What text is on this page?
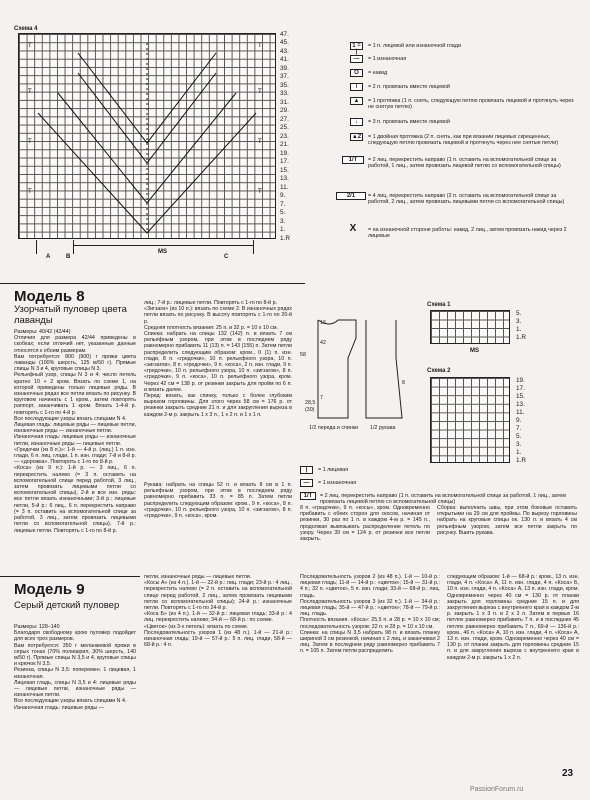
Схема 4
T	T
T	T
T	T
T	T
47.
45.
43.
41.
39.
37.
35.
33.
31.
29.
27.
25.
23.
21.
19.
17.
15.
13.
11.
9.
7.
5.
3.
1.
1.R
A	B
MS
C
1 = |
= 1 п. лицевой или изнаночной глади
—	= 1 изнаночная
O	= накид
\	= 2 п. провязать вместе лицевой
▲	= 1 протяжка (1 п. снять, следующую петлю провязать лицевой и протянуть через не снятую петлю)
↓	= 3 п. провязать вместе лицевой
▲2	= 1 двойная протяжка (2 п. снять, как при вязании лицевых скрещенных, следующую петлю провязать лицевой и протянуть через нее снятые петли)
1/T	= 2 лиц. перекрестить направо (1 п. оставить на вспомогательной спице за работой, 1 лиц., затем провязать лицевой петлю со вспомогательной спицы)
2/1	= 4 лиц. перекрестить направо (2 п. оставить на вспомогательной спице за работой, 2 лиц., затем провязать лицевыми петли со вспомогательной спицы)
X	= на изнаночной стороне работы: накид, 2 лиц., затем провязать накид через 2 лицевые
Модель 8
Узорчатый пуловер цвета лаванды
Размеры: 40/42 (42/44)
Отличия для размера 42/44 приведены в скобках; если отличий нет, указанные данные относятся к обоим размерам.
Вам потребуется: 800 (900) г пряжи цвета лаванды (100% шерсть, 125 м/50 г). Прямые спицы N 3 и 4, круговые спицы N 3.
Рельефный узор, спицы N 3 и 4: число петель кратно 10 + 2 кром. Вязать по схеме 1, на которой приведены только лицевые ряды. В изнаночных рядах все петли вязать по рисунку. В круговом начинать с 1 кром., затем повторять раппорт, заканчивать 1 кром. Вязать 1-4-й р. повторять с 1-го по 4-й р.
Все последующие узоры вязать спицами N 4.
Лицевая гладь: лицевые ряды — лицевые петли, изнаночные ряды — изнаночные петли.
Изнаночная гладь: лицевые ряды — изнаночные петли, изнаночные ряды — лицевые петли.
«Гредочки (из 8 п.)»: 1-й — 4-й р. (лиц.) 1 п. изн. глади, 6 п. лиц. глади, 1 п. изн. глади; 7-й и 8-й р. — «дорожка». Повторять с 1-го по 8-й р.
«Коса» (из 9 п.): 1-й р. — 3 лиц., 6 п. перекрестить налево (= 3 п. оставить на вспомогательной спице перед работой, 3 лиц., затем провязать лицевыми петли со вспомогательной спицы), 2-й и все изн. ряды: все петли вязать изнаночными; 3-й р.: лицевые петли, 5-й р.: 6 лиц., 6 п. перекрестить направо (= 3 п. оставить на вспомогательной спице за работой, 3 лиц., затем провязать лицевыми петли со вспомогательной спицы), 7-й р.: лицевые петли. Повторять с 1-го по 8-й р.
лиц.; 7-й р.: лицевые петли. Повторять с 1-го по 8-й р.
«Зигзаги» (из 10 п.): вязать по схеме 2. В изнаночных рядах петли вязать по рисунку. В высоту повторять с 1-го по 20-й р.
Средняя плотность вязания: 25 п. и 32 р. = 10 х 10 см.
Спинка: набрать на спицы 132 (142) п. и вязать 7 см рельефным узором, при этом в последнем ряду равномерно прибавить 11 (13) п. = 143 (155) п. Затем петли распределить следующим образом: кром., 0 (1) п. изн. глади, 8 п. «гредочки», 10 п. рельефного узора, 10 п. «зигзагов», 8 п. «гредочки», 9 п. «коса», 2 п. изн. глади, 9 п. «гредочки», 10 п. рельефного узора, 10 п. «зигзагов», 8 п. «гредочки», 9 п. «коса», 10 п. рельефного узора, кром. Через 42 см = 138 р. от резинки закрыть для пройм по 6 п. и вязать далее.
Перед: вязать, как спинку, только с более глубоким вырезом горловины. Для этого через 58 см = 176 р. от резинки закрыть средние 21 п. и для закругления выреза в каждом 2-м р. закрыть 1 х 3 п., 1 х 2 п. и 1 х 1 п.
Рукава: набрать на спицы 52 п. и вязать 8 см в 1 п. рельефным узором, при этом в последнем ряду равномерно прибавить 33 п. = 85 п. Затем петли распределить следующим образом: кром., 9 п. «коса», 8 п. «гредочки», 10 п. рельефного узора, 10 п. «зигзагов», 8 п. «гредочки», 9 п. «коса», кром.
28,5
(30)
58
42
16
7
8
1/2 переда и спинки	1/2 рукава
Схема 1
5.
3.
1.
1.R
MS
Схема 2
19.
17.
15.
13.
11.
9.
7.
5.
3.
1.
1.R
|	= 1 лицевая
—	= 1 изнаночная
1/T	= 2 лиц. перекрестить направо (1 п. оставить на вспомогательной спице за работой, 1 лиц., затем провязать лицевой петлю со вспомогательной спицы)
8 п. «гредочки», 9 п. «косы», кром. Одновременно прибавить с обеих сторон для скосов, начиная от резинки, 30 раз по 1 п. в каждом 4-м р. = 145 п., продолжая вывязывать распределение петель по узору. Через 39 см = 124 р. от резинки все петли закрыть.
Сборка: выполнить швы, при этом боковые оставить открытыми на 29 см для проймы. По вырезу горловины набрать на круговые спицы ок. 130 п. и вязать 4 см рельефным узором, затем все петли закрыть по рисунку. Вшить рукава.
Модель 9
Серый детский пуловер
Размеры: 128–140
Благодаря свободному крою пуловер подойдет для всех трех размеров.
Вам потребуется: 350 г меланжевой пряжи в серых тонах (70% полиакрил, 30% шерсть, 140 м/50 г). Прямые спицы N 3,5 и 4, круговые спицы и крючок N 3,5.
Резинка, спицы N 3,5: поперемен. 1 лицевая, 1 изнаночная.
Лицевая гладь, спицы N 3,5 и 4: лицевые ряды — лицевые петли, изнаночные ряды — изнаночные петли.
Все последующие узоры вязать спицами N 4.
Изнаночная гладь: лицевые ряды —
петли, изнаночные ряды — лицевые петли.
«Косы А» (из 4 п.). 1-й — 22-й р.: лиц. глади; 23-й р.: 4 лиц., перекрестить налево (= 2 п. оставить на вспомогательной спице перед работой, 2 лиц., затем провязать лицевыми петли со вспомогательной спицы); 24-й р.: изнаночные петли. Повторять с 1-го по 24-й р.
«Коса Б» (из 4 п.). 1-й — 32-й р.: лицевая гладь; 33-й р.: 4 лиц. перекрестить налево; 34-й — 68-й р.: по схеме.
«Цветок» (из 3-х петель): вязать по схеме.
Последовательность узоров 1 (из 48 п.). 1-й — 21-й р.: изнаночная гладь; 19-й — 57-й р.: 5 п. лиц. глади, 58-й — 68-й р.: 4 п.
Последовательность узоров 2 (из 48 п.). 1-й — 10-й р.: лицевая гладь; 11-й — 14-й р.: «цветок»; 15-й — 31-й р.: 4 п.; 32 п. «цветок», 5 п. изн. глади; 33-й — 68-й р.: лиц. гладь.
Последовательность узоров 3 (из 32 п.). 1-й — 34-й р.: лицевая гладь; 35-й — 47-й р.: «цветок»; 78-й — 79-й р.: лиц. гладь.
Плотность вязания. «Коса»: 25,5 п. и 28 р. = 10 х 10 см; последовательность узоров: 22 п. и 28 р. = 10 х 10 см.
Спинка: на спицы N 3,5 набрать 98 п. и вязать планку шириной 3 см резинкой, начиная с 2 лиц. и заканчивая 2 лиц. Затем в последнем ряду равномерно прибавить 7 п. = 105 п. Затем петли распределить
следующим образом: 1-й — 68-й р.: кром., 13 п. изн. глади, 4 п. «Коса» А, 11 п. изн. глади, 4 п. «Коса» Б, 10 п. изн. глади, 4 п. «Коса» А, 13 п. изн. глади, кром. Одновременно через 40 см = 130 р. от планки закрыть для горловины средние 15 п. и для закругления выреза с внутреннего края в каждом 2-м р. закрыть 1 х 3 п. и 2 х 2 п. Затем в первых 16 петлях равномерно прибавить 7 п. и в последних 45 петлях равномерно прибавить 7 п., 69-й — 136-й р.: кром., 46 п. «Коса» А, 10 п. изн. глади, 4 п. «Коса» А, 13 п. изн. глади, кром. Одновременно через 40 см = 130 р. от планки закрыть для горловины средние 15 п. и для закругления выреза с внутреннего края в каждом 2-м р. закрыть 1 х 2 п.
23
PassionForum.ru
